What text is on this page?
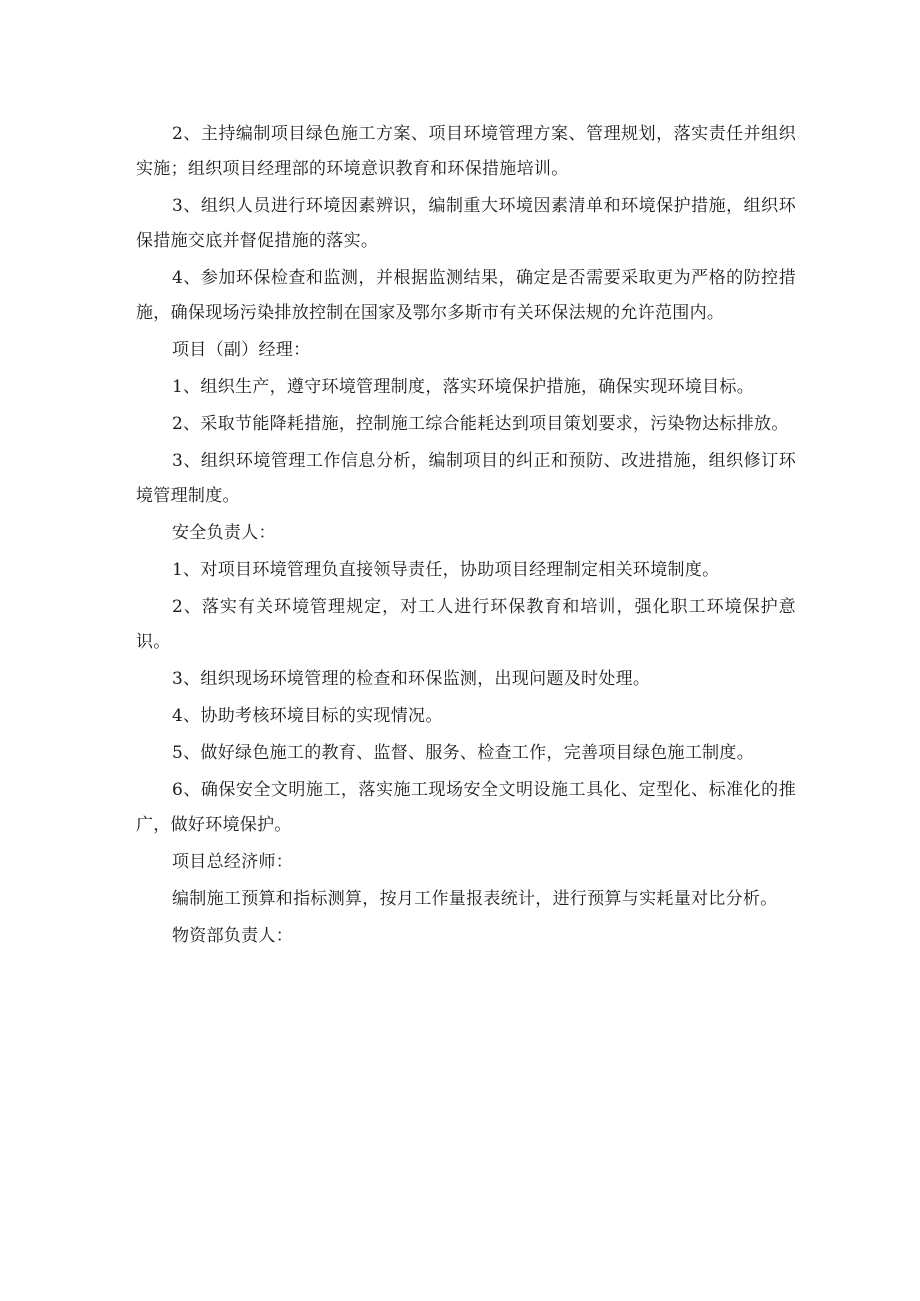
2、主持编制项目绿色施工方案、项目环境管理方案、管理规划，落实责任并组织实施；组织项目经理部的环境意识教育和环保措施培训。

3、组织人员进行环境因素辨识，编制重大环境因素清单和环境保护措施，组织环保措施交底并督促措施的落实。

4、参加环保检查和监测，并根据监测结果，确定是否需要采取更为严格的防控措施，确保现场污染排放控制在国家及鄂尔多斯市有关环保法规的允许范围内。

项目（副）经理：

1、组织生产，遵守环境管理制度，落实环境保护措施，确保实现环境目标。

2、采取节能降耗措施，控制施工综合能耗达到项目策划要求，污染物达标排放。

3、组织环境管理工作信息分析，编制项目的纠正和预防、改进措施，组织修订环境管理制度。

安全负责人：

1、对项目环境管理负直接领导责任，协助项目经理制定相关环境制度。

2、落实有关环境管理规定，对工人进行环保教育和培训，强化职工环境保护意识。

3、组织现场环境管理的检查和环保监测，出现问题及时处理。

4、协助考核环境目标的实现情况。

5、做好绿色施工的教育、监督、服务、检查工作，完善项目绿色施工制度。

6、确保安全文明施工，落实施工现场安全文明设施工具化、定型化、标准化的推广，做好环境保护。

项目总经济师：

编制施工预算和指标测算，按月工作量报表统计，进行预算与实耗量对比分析。

物资部负责人：
